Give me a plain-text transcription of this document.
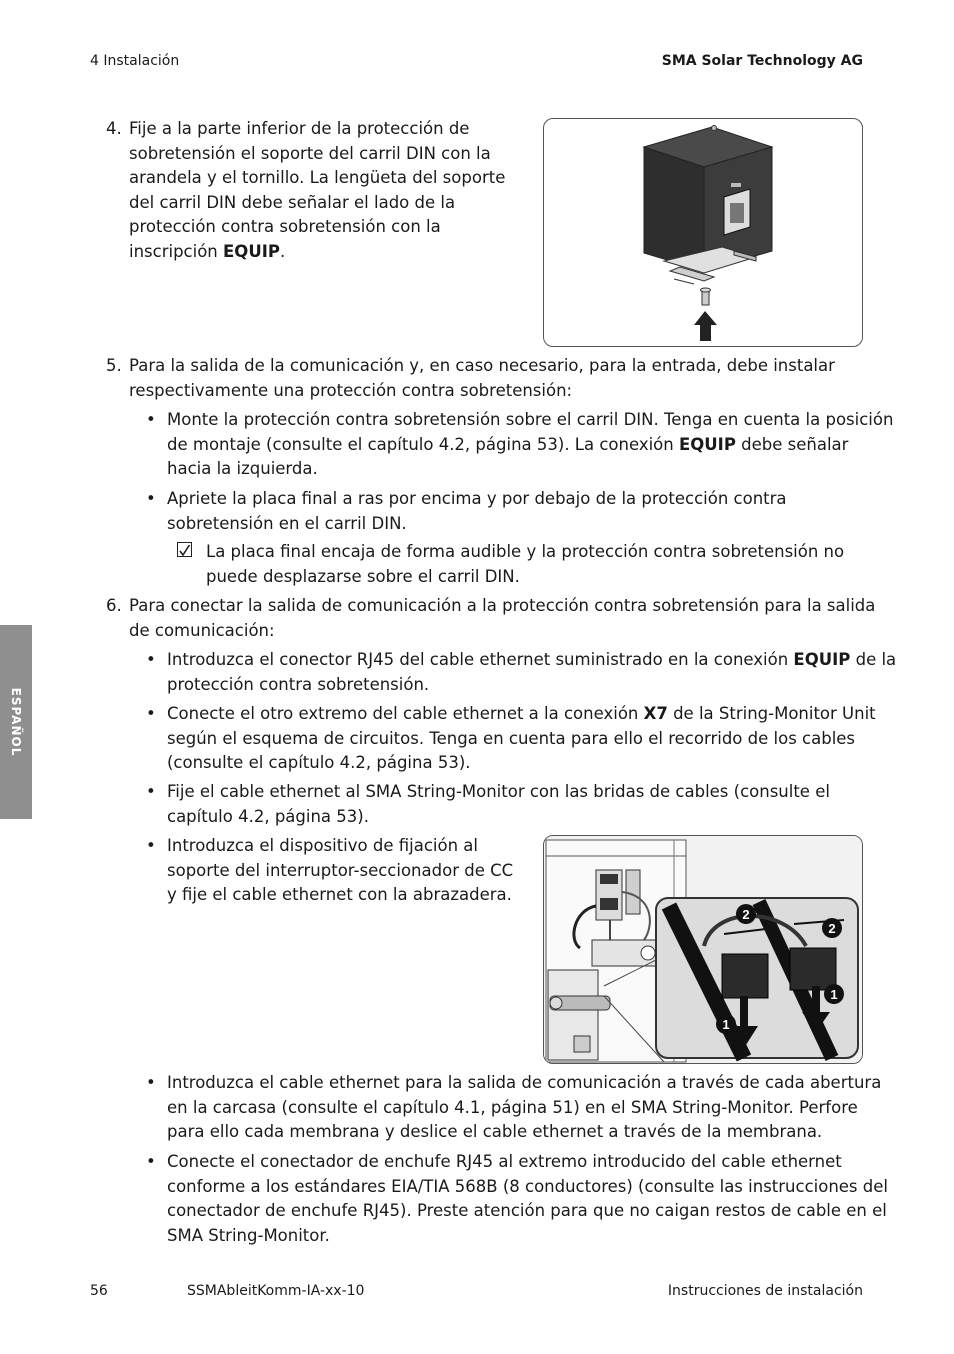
4 Instalación	SMA Solar Technology AG
ESPAÑOL
4. Fije a la parte inferior de la protección de
sobretensión el soporte del carril DIN con la
arandela y el tornillo. La lengüeta del soporte
del carril DIN debe señalar el lado de la
protección contra sobretensión con la
inscripción EQUIP.
5. Para la salida de la comunicación y, en caso necesario, para la entrada, debe instalar
respectivamente una protección contra sobretensión:
• Monte la protección contra sobretensión sobre el carril DIN. Tenga en cuenta la posición
de montaje (consulte el capítulo 4.2, página 53). La conexión EQUIP debe señalar
hacia la izquierda.
• Apriete la placa final a ras por encima y por debajo de la protección contra
sobretensión en el carril DIN.
La placa final encaja de forma audible y la protección contra sobretensión no
puede desplazarse sobre el carril DIN.
6. Para conectar la salida de comunicación a la protección contra sobretensión para la salida
de comunicación:
• Introduzca el conector RJ45 del cable ethernet suministrado en la conexión EQUIP de la
protección contra sobretensión.
• Conecte el otro extremo del cable ethernet a la conexión X7 de la String-Monitor Unit
según el esquema de circuitos. Tenga en cuenta para ello el recorrido de los cables
(consulte el capítulo 4.2, página 53).
• Fije el cable ethernet al SMA String-Monitor con las bridas de cables (consulte el
capítulo 4.2, página 53).
• Introduzca el dispositivo de fijación al
soporte del interruptor-seccionador de CC
y fije el cable ethernet con la abrazadera.
2
2
1
1
• Introduzca el cable ethernet para la salida de comunicación a través de cada abertura
en la carcasa (consulte el capítulo 4.1, página 51) en el SMA String-Monitor. Perfore
para ello cada membrana y deslice el cable ethernet a través de la membrana.
• Conecte el conectador de enchufe RJ45 al extremo introducido del cable ethernet
conforme a los estándares EIA/TIA 568B (8 conductores) (consulte las instrucciones del
conectador de enchufe RJ45). Preste atención para que no caigan restos de cable en el
SMA String-Monitor.
56	SSMAbleitKomm-IA-xx-10	Instrucciones de instalación
